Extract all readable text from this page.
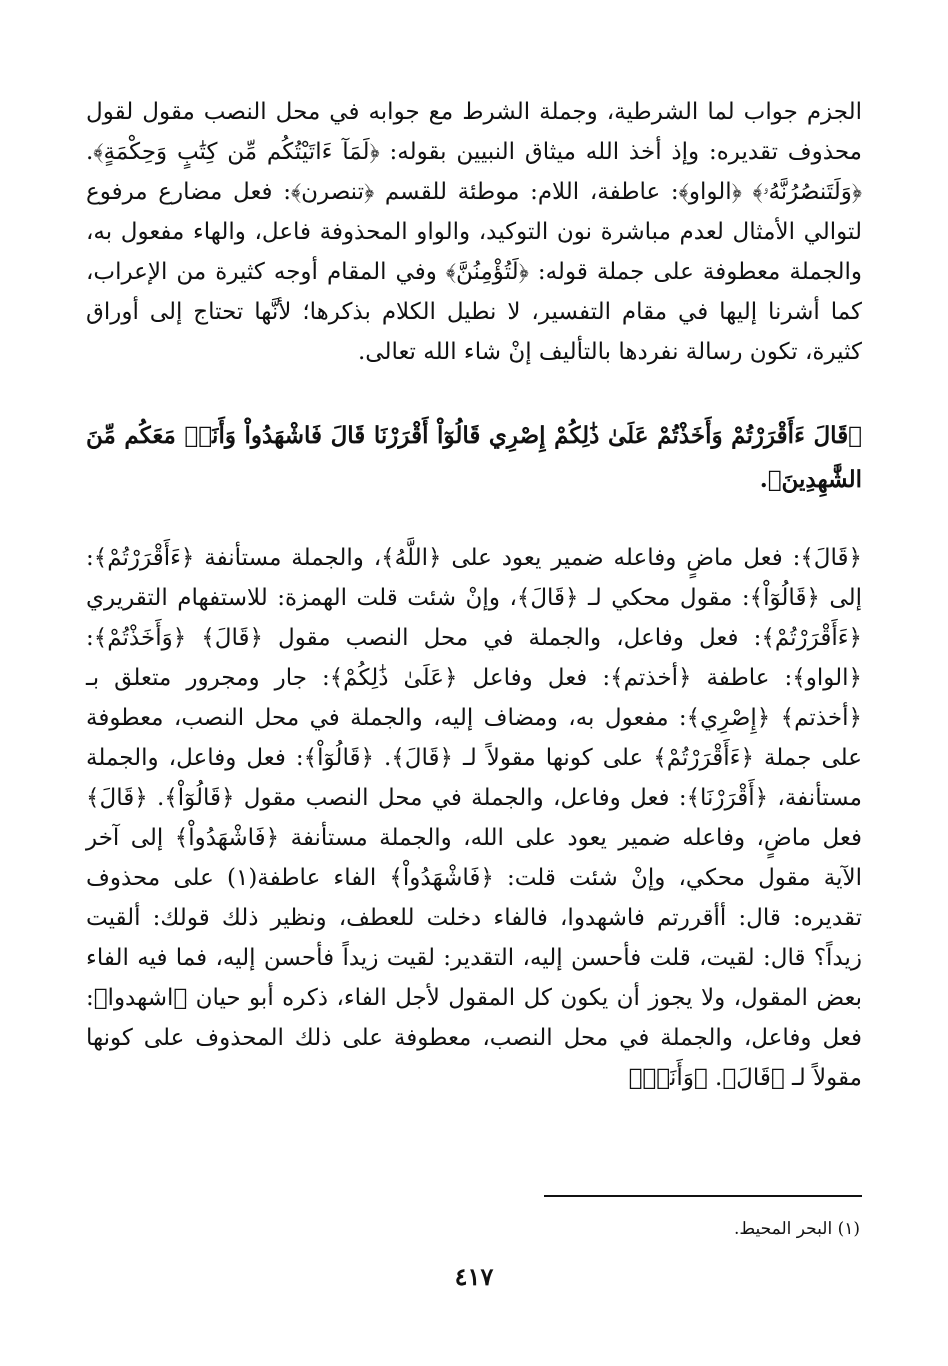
الجزم جواب لما الشرطية، وجملة الشرط مع جوابه في محل النصب مقول لقول محذوف تقديره: وإذ أخذ الله ميثاق النبيين بقوله: ﴿لَمَآ ءَاتَيْتُكُم مِّن كِتَٰبٍ وَحِكْمَةٍ﴾. ﴿وَلَتَنصُرُنَّهُۥ﴾ ﴿الواو﴾: عاطفة، اللام: موطئة للقسم ﴿تنصرن﴾: فعل مضارع مرفوع لتوالي الأمثال لعدم مباشرة نون التوكيد، والواو المحذوفة فاعل، والهاء مفعول به، والجملة معطوفة على جملة قوله: ﴿لَتُؤْمِنُنَّ﴾ وفي المقام أوجه كثيرة من الإعراب، كما أشرنا إليها في مقام التفسير، لا نطيل الكلام بذكرها؛ لأنَّها تحتاج إلى أوراق كثيرة، تكون رسالة نفردها بالتأليف إنْ شاء الله تعالى.

﴿قَالَ ءَأَقْرَرْتُمْ وَأَخَذْتُمْ عَلَىٰ ذَٰلِكُمْ إِصْرِي قَالُوٓاْ أَقْرَرْنَا قَالَ فَاشْهَدُواْ وَأَنَا۠ مَعَكُم مِّنَ الشَّٰهِدِينَ﴾.

﴿قَالَ﴾: فعل ماضٍ وفاعله ضمير يعود على ﴿اللَّهُ﴾، والجملة مستأنفة ﴿ءَأَقْرَرْتُمْ﴾: إلى ﴿قَالُوٓاْ﴾: مقول محكي لـ ﴿قَالَ﴾، وإنْ شئت قلت الهمزة: للاستفهام التقريري ﴿ءَأَقْرَرْتُمْ﴾: فعل وفاعل، والجملة في محل النصب مقول ﴿قَالَ﴾ ﴿وَأَخَذْتُمْ﴾: ﴿الواو﴾: عاطفة ﴿أخذتم﴾: فعل وفاعل ﴿عَلَىٰ ذَٰلِكُمْ﴾: جار ومجرور متعلق بـ ﴿أخذتم﴾ ﴿إِصْرِي﴾: مفعول به، ومضاف إليه، والجملة في محل النصب، معطوفة على جملة ﴿ءَأَقْرَرْتُمْ﴾ على كونها مقولاً لـ ﴿قَالَ﴾. ﴿قَالُوٓاْ﴾: فعل وفاعل، والجملة مستأنفة، ﴿أَقْرَرْنَا﴾: فعل وفاعل، والجملة في محل النصب مقول ﴿قَالُوٓاْ﴾. ﴿قَالَ﴾ فعل ماضٍ، وفاعله ضمير يعود على الله، والجملة مستأنفة ﴿فَاشْهَدُواْ﴾ إلى آخر الآية مقول محكي، وإنْ شئت قلت: ﴿فَاشْهَدُواْ﴾ الفاء عاطفة(١) على محذوف تقديره: قال: أأقررتم فاشهدوا، فالفاء دخلت للعطف، ونظير ذلك قولك: ألقيت زيداً؟ قال: لقيت، قلت فأحسن إليه، التقدير: لقيت زيداً فأحسن إليه، فما فيه الفاء بعض المقول، ولا يجوز أن يكون كل المقول لأجل الفاء، ذكره أبو حيان ﴿اشهدوا﴾: فعل وفاعل، والجملة في محل النصب، معطوفة على ذلك المحذوف على كونها مقولاً لـ ﴿قَالَ﴾. ﴿وَأَنَا۠﴾

(١) البحر المحيط.
٤١٧
